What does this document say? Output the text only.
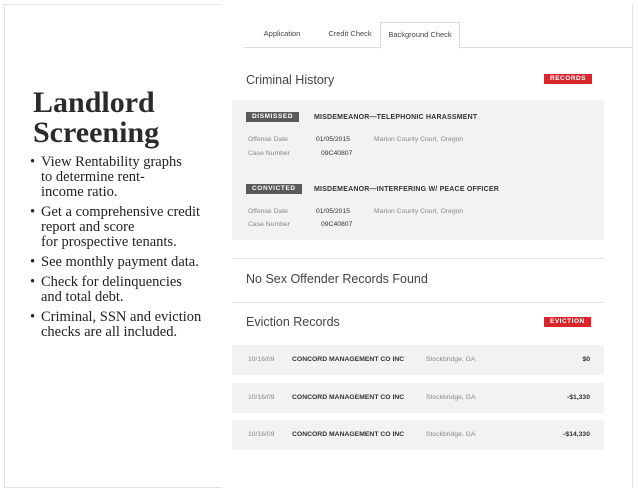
Landlord
Screening
• View Rentability graphs
to determine rent-
income ratio.
• Get a comprehensive credit
report and score
for prospective tenants.
• See monthly payment data.
• Check for delinquencies
and total debt.
• Criminal, SSN and eviction
checks are all included.
Application	Credit Check	Background Check
Criminal History	RECORDS
DISMISSED	MISDEMEANOR—TELEPHONIC HARASSMENT
Offense Date	01/05/2015	Marion County Court, Oregon
Case Number	09C40807
CONVICTED	MISDEMEANOR—INTERFERING W/ PEACE OFFICER
Offense Date	01/05/2015	Marion County Court, Oregon
Case Number	09C40807
No Sex Offender Records Found
Eviction Records	EVICTION
10/16/09	CONCORD MANAGEMENT CO INC	Stockbridge, GA	$0
10/16/09	CONCORD MANAGEMENT CO INC	Stockbridge, GA	-$1,330
10/16/09	CONCORD MANAGEMENT CO INC	Stockbridge, GA	-$14,330
